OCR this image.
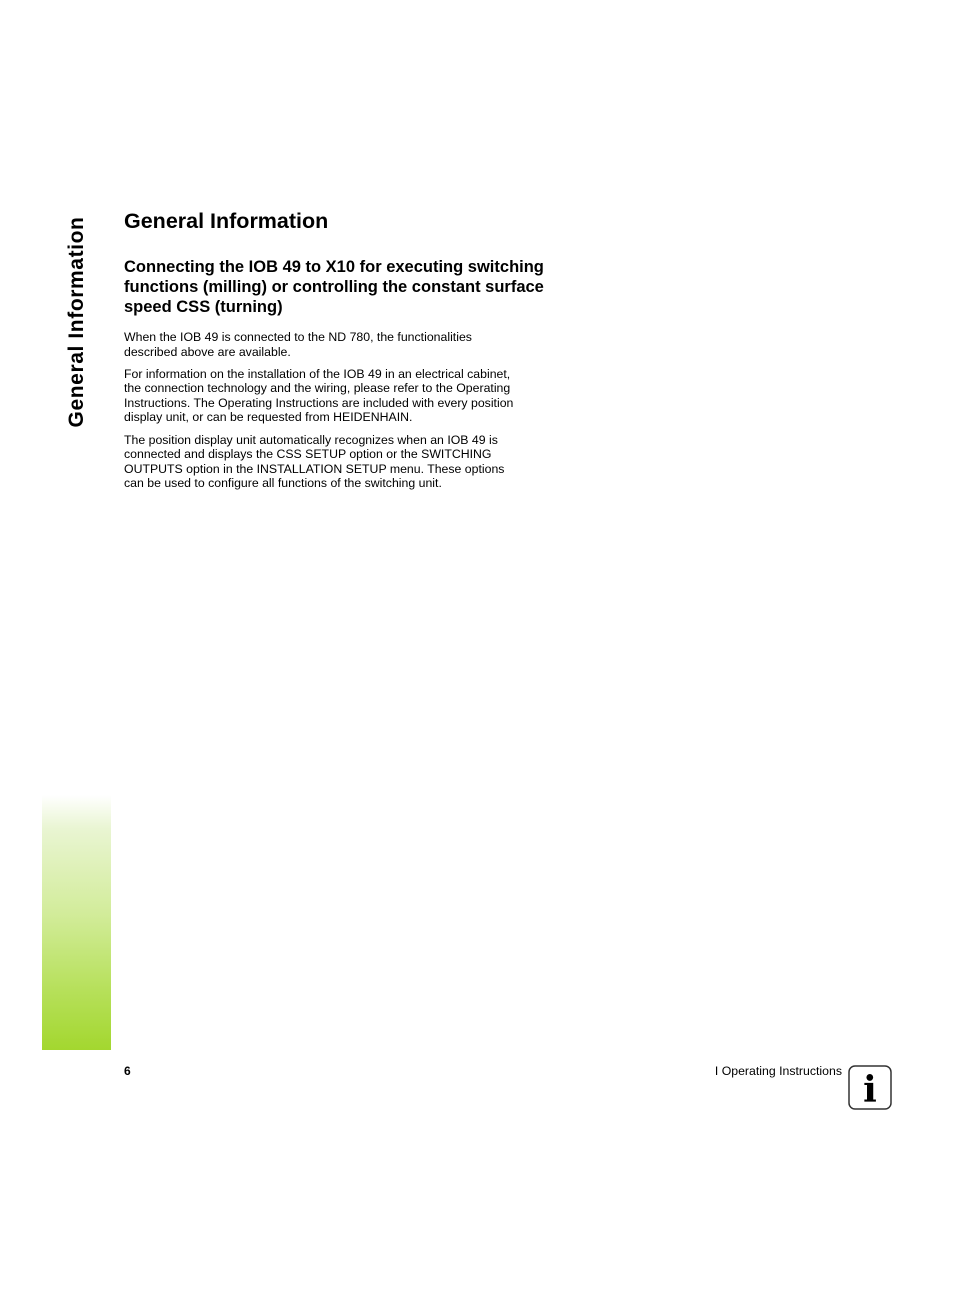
General Information General Information
Connecting the IOB 49 to X10 for executing switching functions (milling) or controlling the constant surface speed CSS (turning)

When the IOB 49 is connected to the ND 780, the functionalities described above are available.

For information on the installation of the IOB 49 in an electrical cabinet, the connection technology and the wiring, please refer to the Operating Instructions. The Operating Instructions are included with every position display unit, or can be requested from HEIDENHAIN.

The position display unit automatically recognizes when an IOB 49 is connected and displays the CSS SETUP option or the SWITCHING OUTPUTS option in the INSTALLATION SETUP menu. These options can be used to configure all functions of the switching unit.

6	I Operating Instructions i
